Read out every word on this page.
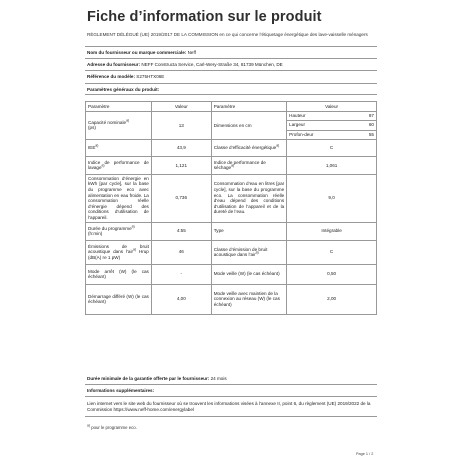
Fiche d’information sur le produit
RÈGLEMENT DÉLÉGUÉ (UE) 2019/2017 DE LA COMMISSION en ce qui concerne l’étiquetage énergétique des lave-vaisselle ménagers
Nom du fournisseur ou marque commerciale: Neff
Adresse du fournisseur: NEFF Constructa Service, Carl-Wery-Straße 34, 81739 München, DE
Référence du modèle: S275HTX06E
Paramètres généraux du produit:
Paramètre	Valeur	Paramètre	Valeur
Capacité nominale$^{a)}$
(ps)	13	Dimensions en cm	
Hauteur	87
Largeur	60
Profon-deur	55

IEE$^{a)}$	43,9	Classe d’efficacité énergétique$^{a)}$	C
Indice de performance de lavage$^{a)}$	1,121	Indice de performance de séchage$^{a)}$	1,061
Consommation d’énergie en kWh [par cycle], sur la base du programme eco avec alimentation en eau froide. La consommation réelle d’énergie dépend des conditions d’utilisation de l’appareil.	0,736	Consommation d’eau en litres [par cycle], sur la base du programme eco. La consommation réelle d’eau dépend des conditions d’utilisation de l’appareil et de la dureté de l’eau.	9,0
Durée du programme$^{a)}$
(h:min)	4:55	Type	Intégrable
Émissions de bruit acoustique dans l’air$^{a)}$ Hrup (dB(A) re 1 pW)	46	Classe d’émission de bruit acoustique dans l’air$^{a)}$	C
Mode arrêt (W) (le cas échéant)	-	Mode veille (W) (le cas échéant)	0,50
Démarrage différé (W) (le cas échéant)	4,00	Mode veille avec maintien de la connexion au réseau (W) (le cas échéant)	2,00
Durée minimale de la garantie offerte par le fournisseur: 24 mois
Informations supplémentaires:
Lien internet vers le site web du fournisseur où se trouvent les informations visées à l’annexe II, point 6, du règlement (UE) 2019/2022 de la Commission https://www.neff-home.com/energylabel
$^{a)}$ pour le programme eco.
Page 1 / 2
